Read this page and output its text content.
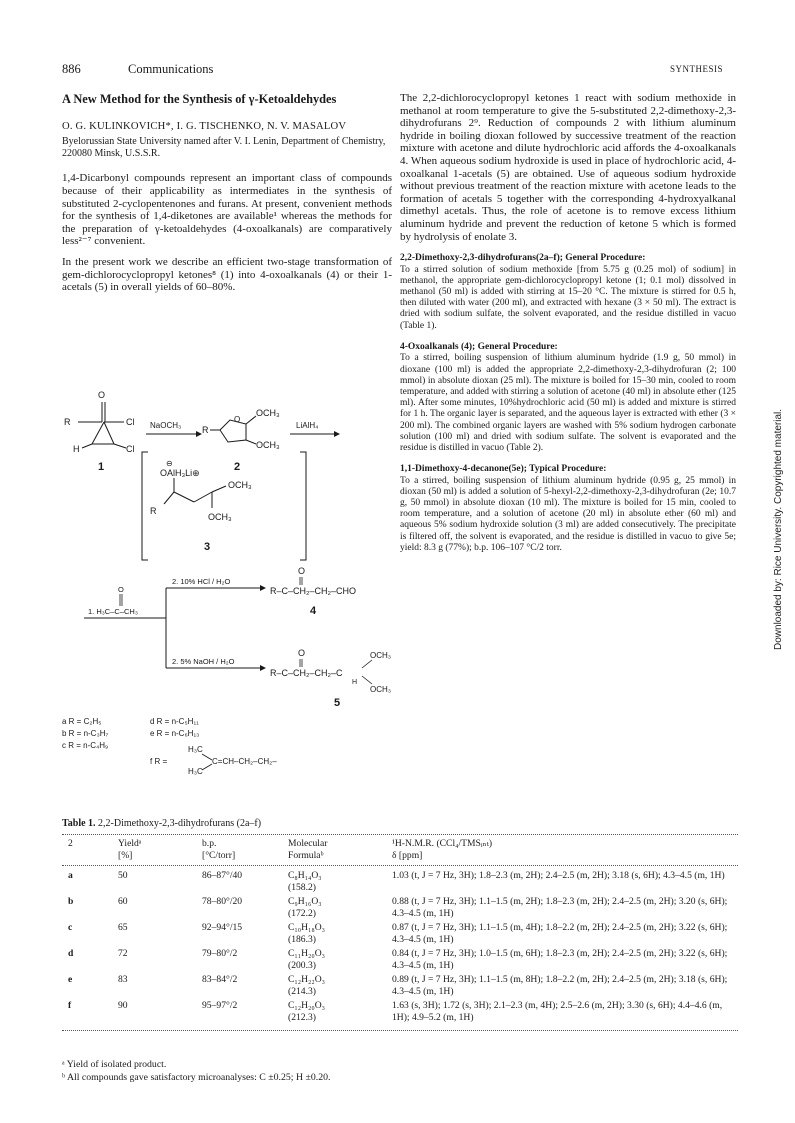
886	Communications	SYNTHESIS
A New Method for the Synthesis of γ-Ketoaldehydes
O. G. KULINKOVICH*, I. G. TISCHENKO, N. V. MASALOV
Byelorussian State University named after V. I. Lenin, Department of Chemistry, 220080 Minsk, U.S.S.R.

1,4-Dicarbonyl compounds represent an important class of compounds because of their applicability as intermediates in the synthesis of substituted 2-cyclopentenones and furans. At present, convenient methods for the synthesis of 1,4-diketones are available¹ whereas the methods for the preparation of γ-ketoaldehydes (4-oxoalkanals) are comparatively less²⁻⁷ convenient.

In the present work we describe an efficient two-stage transformation of gem-dichlorocyclopropyl ketones⁸ (1) into 4-oxoalkanals (4) or their 1-acetals (5) in overall yields of 60–80%.

The 2,2-dichlorocyclopropyl ketones 1 react with sodium methoxide in methanol at room temperature to give the 5-substituted 2,2-dimethoxy-2,3-dihydrofurans 2⁹. Reduction of compounds 2 with lithium aluminum hydride in boiling dioxan followed by successive treatment of the reaction mixture with acetone and dilute hydrochloric acid affords the 4-oxoalkanals 4. When aqueous sodium hydroxide is used in place of hydrochloric acid, 4-oxoalkanal 1-acetals (5) are obtained. Use of aqueous sodium hydroxide without previous treatment of the reaction mixture with acetone leads to the formation of acetals 5 together with the corresponding 4-hydroxyalkanal dimethyl acetals. Thus, the role of acetone is to remove excess lithium aluminum hydride and prevent the reduction of ketone 5 which is formed by hydrolysis of enolate 3.

2,2-Dimethoxy-2,3-dihydrofurans(2a–f); General Procedure:

To a stirred solution of sodium methoxide [from 5.75 g (0.25 mol) of sodium] in methanol, the appropriate gem-dichlorocyclopropyl ketone (1; 0.1 mol) dissolved in methanol (50 ml) is added with stirring at 15–20 °C. The mixture is stirred for 0.5 h, then diluted with water (200 ml), and extracted with hexane (3 × 50 ml). The extract is dried with sodium sulfate, the solvent evaporated, and the residue distilled in vacuo (Table 1).

4-Oxoalkanals (4); General Procedure:

To a stirred, boiling suspension of lithium aluminum hydride (1.9 g, 50 mmol) in dioxane (100 ml) is added the appropriate 2,2-dimethoxy-2,3-dihydrofuran (2; 100 mmol) in absolute dioxan (25 ml). The mixture is boiled for 15–30 min, cooled to room temperature, and added with stirring a solution of acetone (40 ml) in absolute ether (125 ml). After some minutes, 10%hydrochloric acid (50 ml) is added and mixture is stirred for 1 h. The organic layer is separated, and the aqueous layer is extracted with ether (3 × 200 ml). The combined organic layers are washed with 5% sodium hydrogen carbonate solution (100 ml) and dried with sodium sulfate. The solvent is evaporated and the residue is distilled in vacuo (Table 2).

1,1-Dimethoxy-4-decanone(5e); Typical Procedure:

To a stirred, boiling suspension of lithium aluminum hydride (0.95 g, 25 mmol) in dioxan (50 ml) is added a solution of 5-hexyl-2,2-dimethoxy-2,3-dihydrofuran (2e; 10.7 g, 50 mmol) in absolute dioxan (10 ml). The mixture is boiled for 15 min, cooled to room temperature, and a solution of acetone (20 ml) in absolute ether (60 ml) and aqueous 5% sodium hydroxide solution (3 ml) are added consecutively. The precipitate is filtered off, the solvent is evaporated, and the residue is distilled in vacuo to give 5e; yield: 8.3 g (77%); b.p. 106–107 °C/2 torr.

O
R	Cl
H	Cl
1
NaOCH₃ R
O
OCH₃
OCH₃
2
LiAlH₄
⊖
OAlH₃Li⊕
OCH₃
R
OCH₃
3
2. 10% HCl / H₂O
2. 5% NaOH / H₂O
1. H₃C–C–CH₃
O
O
R–C–CH₂–CH₂–CHO
4
O
R–C–CH₂–CH₂–C
OCH₃
H
OCH₃
5
a R = C₂H₅
b R = n-C₃H₇
c R = n-C₄H₉
d R = n-C₅H₁₁
e R = n-C₆H₁₃
f R =
H₃C
H₃C
C=CH–CH₂–CH₂–
Table 1. 2,2-Dimethoxy-2,3-dihydrofurans (2a–f)
2	Yieldᵃ
[%]
b.p.
[°C/torr]
Molecular
Formulaᵇ
¹H-N.M.R. (CCl₄/TMSᵢₙₜ)
δ [ppm]
a	50	86–87°/40	C₈H₁₄O₃
(158.2)
1.03 (t, J = 7 Hz, 3H); 1.8–2.3 (m, 2H); 2.4–2.5 (m, 2H); 3.18 (s, 6H); 4.3–4.5 (m, 1H)
b	60	78–80°/20	C₉H₁₆O₃
(172.2)
0.88 (t, J = 7 Hz, 3H); 1.1–1.5 (m, 2H); 1.8–2.3 (m, 2H); 2.4–2.5 (m, 2H); 3.20 (s, 6H); 4.3–4.5 (m, 1H)
c	65	92–94°/15	C₁₀H₁₈O₃
(186.3)
0.87 (t, J = 7 Hz, 3H); 1.1–1.5 (m, 4H); 1.8–2.2 (m, 2H); 2.4–2.5 (m, 2H); 3.22 (s, 6H); 4.3–4.5 (m, 1H)
d	72	79–80°/2	C₁₁H₂₀O₃
(200.3)
0.84 (t, J = 7 Hz, 3H); 1.0–1.5 (m, 6H); 1.8–2.3 (m, 2H); 2.4–2.5 (m, 2H); 3.22 (s, 6H); 4.3–4.5 (m, 1H)
e	83	83–84°/2	C₁₂H₂₂O₃
(214.3)
0.89 (t, J = 7 Hz, 3H); 1.1–1.5 (m, 8H); 1.8–2.2 (m, 2H); 2.4–2.5 (m, 2H); 3.18 (s, 6H); 4.3–4.5 (m, 1H)
f	90	95–97°/2	C₁₂H₂₀O₃
(212.3)
1.63 (s, 3H); 1.72 (s, 3H); 2.1–2.3 (m, 4H); 2.5–2.6 (m, 2H); 3.30 (s, 6H); 4.4–4.6 (m, 1H); 4.9–5.2 (m, 1H)
ᵃ Yield of isolated product.
ᵇ All compounds gave satisfactory microanalyses: C ±0.25; H ±0.20.
Downloaded by: Rice University. Copyrighted material.
